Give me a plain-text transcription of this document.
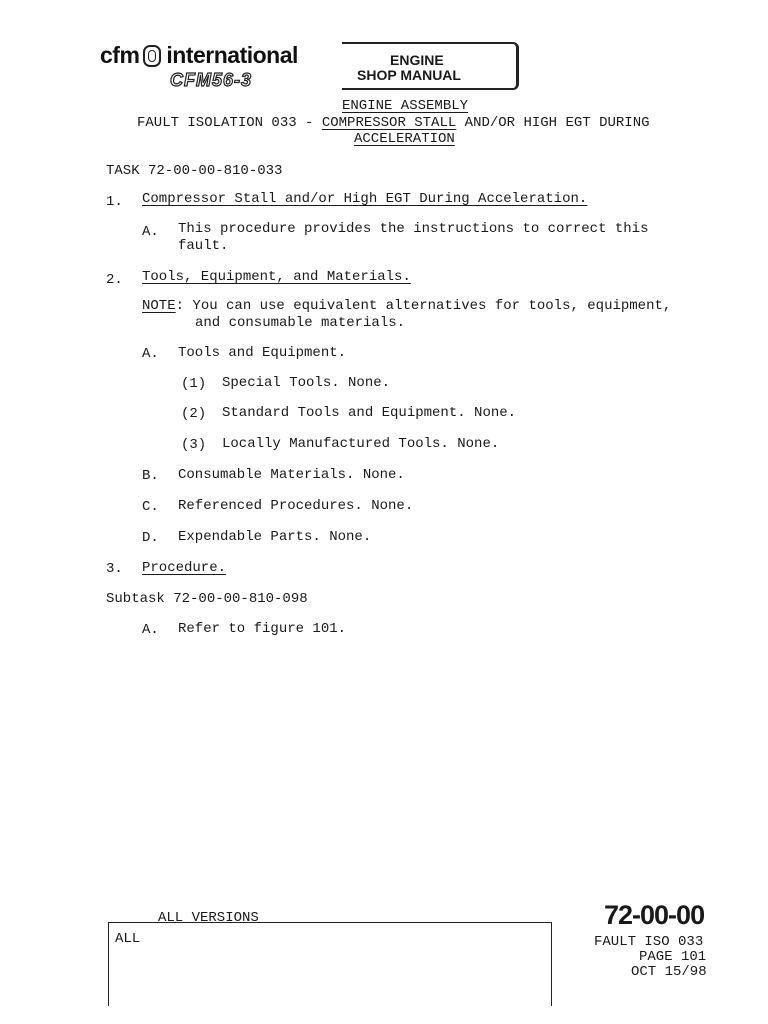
cfm international
CFM56-3
ENGINE
SHOP MANUAL
ENGINE ASSEMBLY
FAULT ISOLATION 033 - COMPRESSOR STALL AND/OR HIGH EGT DURING
ACCELERATION
TASK 72-00-00-810-033
1. Compressor Stall and/or High EGT During Acceleration.
A. This procedure provides the instructions to correct this
fault.
2. Tools, Equipment, and Materials.
NOTE: You can use equivalent alternatives for tools, equipment,
and consumable materials.
A. Tools and Equipment.
(1) Special Tools. None.
(2) Standard Tools and Equipment. None.
(3) Locally Manufactured Tools. None.
B. Consumable Materials. None.
C. Referenced Procedures. None.
D. Expendable Parts. None.
3. Procedure.
Subtask 72-00-00-810-098
A. Refer to figure 101.
ALL VERSIONS
ALL
72-00-00
FAULT ISO 033
PAGE 101
OCT 15/98
